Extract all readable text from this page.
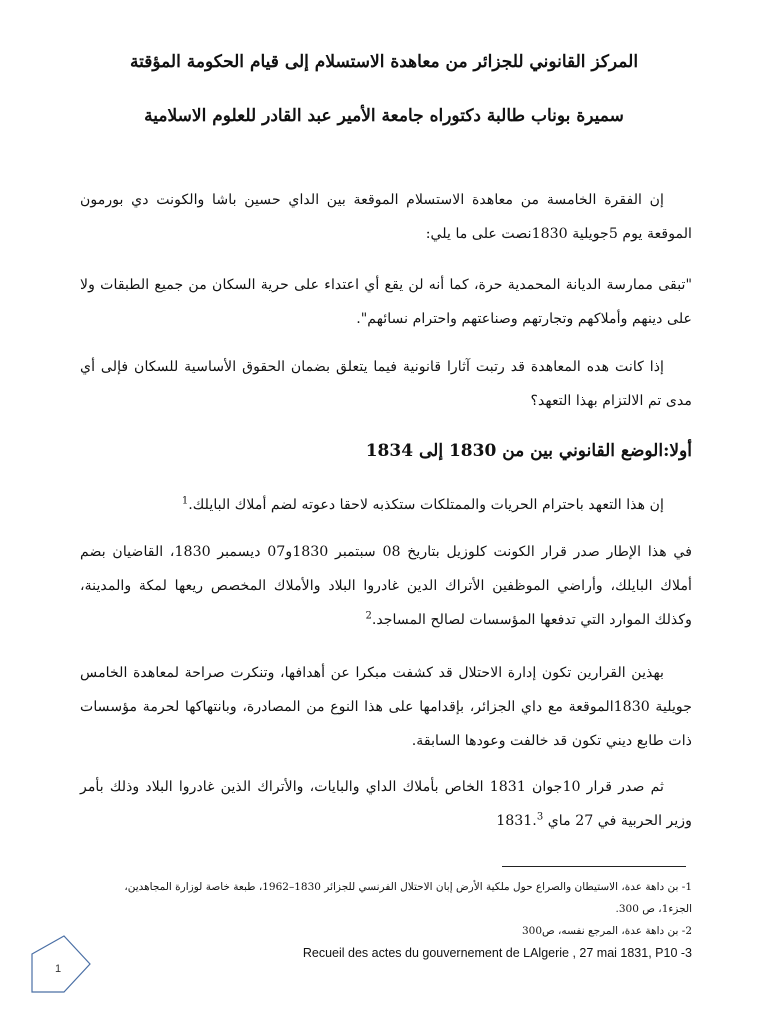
المركز القانوني للجزائر من معاهدة الاستسلام إلى قيام الحكومة المؤقتة
سميرة بوناب طالبة دكتوراه جامعة الأمير عبد القادر للعلوم الاسلامية

إن الفقرة الخامسة من معاهدة الاستسلام الموقعة بين الداي حسين باشا والكونت دي بورمون الموقعة يوم 5جويلية 1830نصت على ما يلي:

"تبقى ممارسة الديانة المحمدية حرة، كما أنه لن يقع أي اعتداء على حرية السكان من جميع الطبقات ولا على دينهم وأملاكهم وتجارتهم وصناعتهم واحترام نسائهم".

إذا كانت هده المعاهدة قد رتبت آثارا قانونية فيما يتعلق بضمان الحقوق الأساسية للسكان فإلى أي مدى تم الالتزام بهذا التعهد؟

أولا:الوضع القانوني بين من 1830 إلى 1834

إن هذا التعهد باحترام الحريات والممتلكات ستكذبه لاحقا دعوته لضم أملاك البايلك.$^1$

في هذا الإطار صدر قرار الكونت كلوزيل بتاريخ 08 سبتمبر 1830و07 ديسمبر 1830، القاضيان بضم أملاك البايلك، وأراضي الموظفين الأتراك الدين غادروا البلاد والأملاك المخصص ريعها لمكة والمدينة، وكذلك الموارد التي تدفعها المؤسسات لصالح المساجد.$^2$

بهذين القرارين تكون إدارة الاحتلال قد كشفت مبكرا عن أهدافها، وتنكرت صراحة لمعاهدة الخامس جويلية 1830الموقعة مع داي الجزائر، بإقدامها على هذا النوع من المصادرة، وبانتهاكها لحرمة مؤسسات ذات طابع ديني تكون قد خالفت وعودها السابقة.

ثم صدر قرار 10جوان 1831 الخاص بأملاك الداي والبايات، والأتراك الذين غادروا البلاد وذلك بأمر وزير الحربية في 27 ماي 1831.$^3$

1- بن داهة عدة، الاستيطان والصراع حول ملكية الأرض إبان الاحتلال الفرنسي للجزائر 1830–1962، طبعة خاصة لوزارة المجاهدين،

الجزء1، ص 300.

2- بن داهة عدة، المرجع نفسه، ص300

Recueil des actes du gouvernement de LAlgerie , 27 mai 1831, P10 -3

1
